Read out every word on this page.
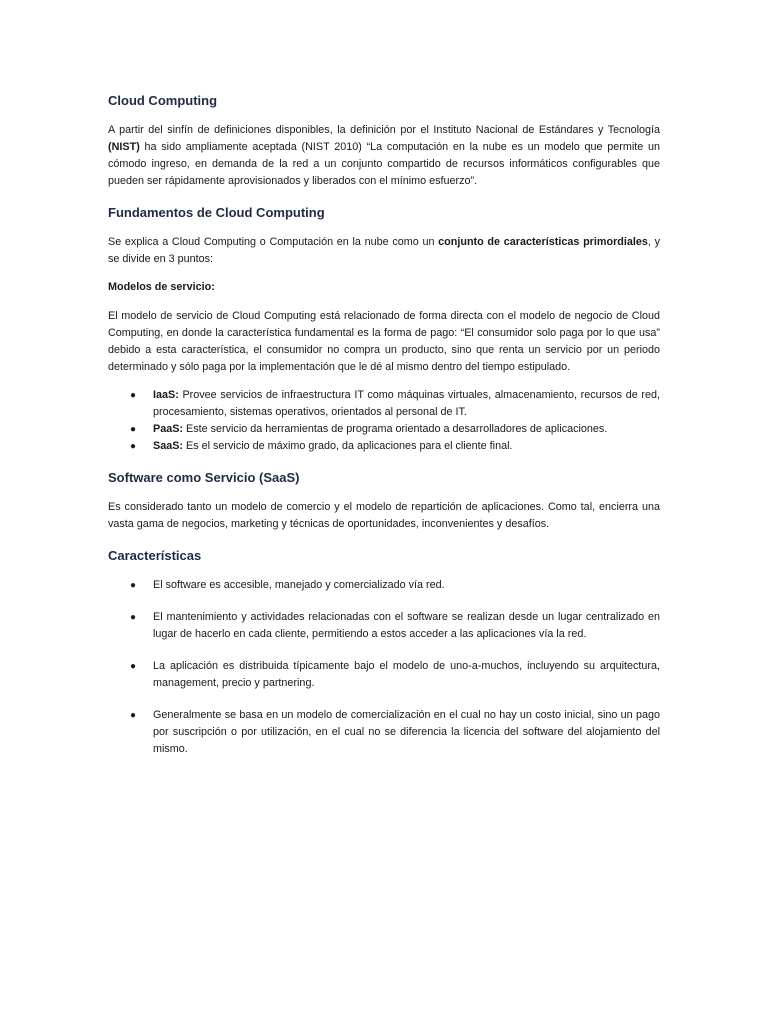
Cloud Computing

A partir del sinfín de definiciones disponibles, la definición por el Instituto Nacional de Estándares y Tecnología (NIST) ha sido ampliamente aceptada (NIST 2010) “La computación en la nube es un modelo que permite un cómodo ingreso, en demanda de la red a un conjunto compartido de recursos informáticos configurables que pueden ser rápidamente aprovisionados y liberados con el mínimo esfuerzo”.

Fundamentos de Cloud Computing

Se explica a Cloud Computing o Computación en la nube como un conjunto de características primordiales, y se divide en 3 puntos:

Modelos de servicio:

El modelo de servicio de Cloud Computing está relacionado de forma directa con el modelo de negocio de Cloud Computing, en donde la característica fundamental es la forma de pago: “El consumidor solo paga por lo que usa” debido a esta característica, el consumidor no compra un producto, sino que renta un servicio por un periodo determinado y sólo paga por la implementación que le dé al mismo dentro del tiempo estipulado.

● IaaS: Provee servicios de infraestructura IT como máquinas virtuales, almacenamiento, recursos de red, procesamiento, sistemas operativos, orientados al personal de IT.
● PaaS: Este servicio da herramientas de programa orientado a desarrolladores de aplicaciones.
● SaaS: Es el servicio de máximo grado, da aplicaciones para el cliente final.
Software como Servicio (SaaS)

Es considerado tanto un modelo de comercio y el modelo de repartición de aplicaciones. Como tal, encierra una vasta gama de negocios, marketing y técnicas de oportunidades, inconvenientes y desafíos.

Características
● El software es accesible, manejado y comercializado vía red.
● El mantenimiento y actividades relacionadas con el software se realizan desde un lugar centralizado en lugar de hacerlo en cada cliente, permitiendo a estos acceder a las aplicaciones vía la red.
● La aplicación es distribuida típicamente bajo el modelo de uno-a-muchos, incluyendo su arquitectura, management, precio y partnering.
● Generalmente se basa en un modelo de comercialización en el cual no hay un costo inicial, sino un pago por suscripción o por utilización, en el cual no se diferencia la licencia del software del alojamiento del mismo.
